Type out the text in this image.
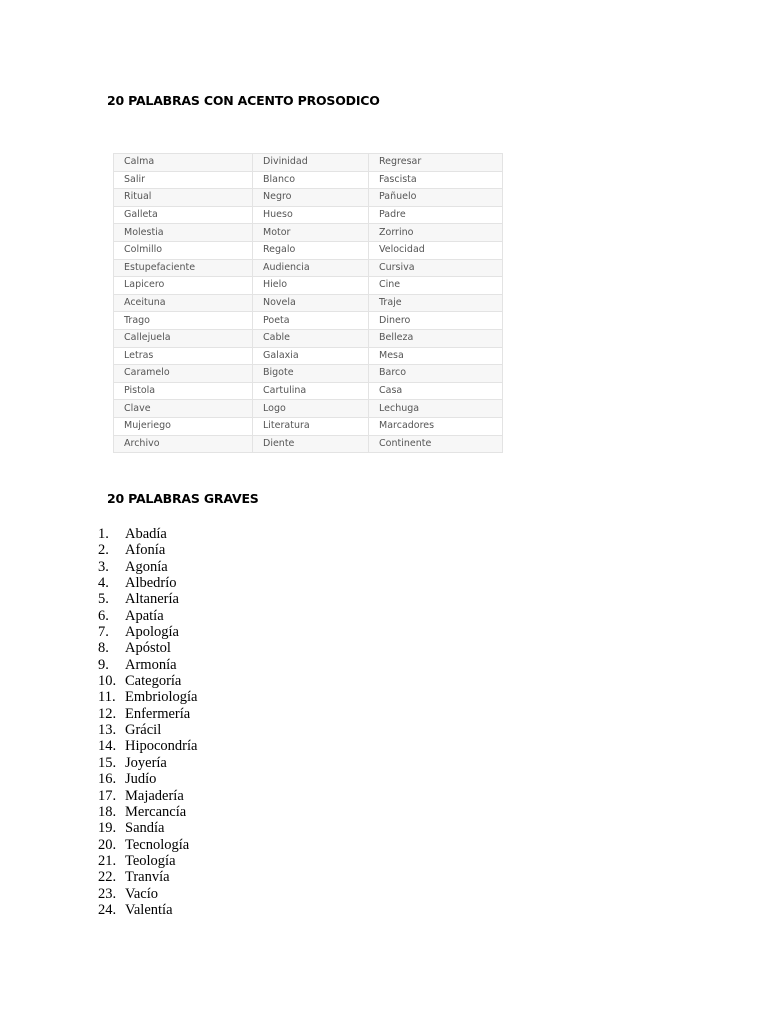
20 PALABRAS CON ACENTO PROSODICO
Calma	Divinidad	Regresar
Salir	Blanco	Fascista
Ritual	Negro	Pañuelo
Galleta	Hueso	Padre
Molestia	Motor	Zorrino
Colmillo	Regalo	Velocidad
Estupefaciente	Audiencia	Cursiva
Lapicero	Hielo	Cine
Aceituna	Novela	Traje
Trago	Poeta	Dinero
Callejuela	Cable	Belleza
Letras	Galaxia	Mesa
Caramelo	Bigote	Barco
Pistola	Cartulina	Casa
Clave	Logo	Lechuga
Mujeriego	Literatura	Marcadores
Archivo	Diente	Continente
20 PALABRAS GRAVES
1. Abadía
2. Afonía
3. Agonía
4. Albedrío
5. Altanería
6. Apatía
7. Apología
8. Apóstol
9. Armonía
10. Categoría
11. Embriología
12. Enfermería
13. Grácil
14. Hipocondría
15. Joyería
16. Judío
17. Majadería
18. Mercancía
19. Sandía
20. Tecnología
21. Teología
22. Tranvía
23. Vacío
24. Valentía
